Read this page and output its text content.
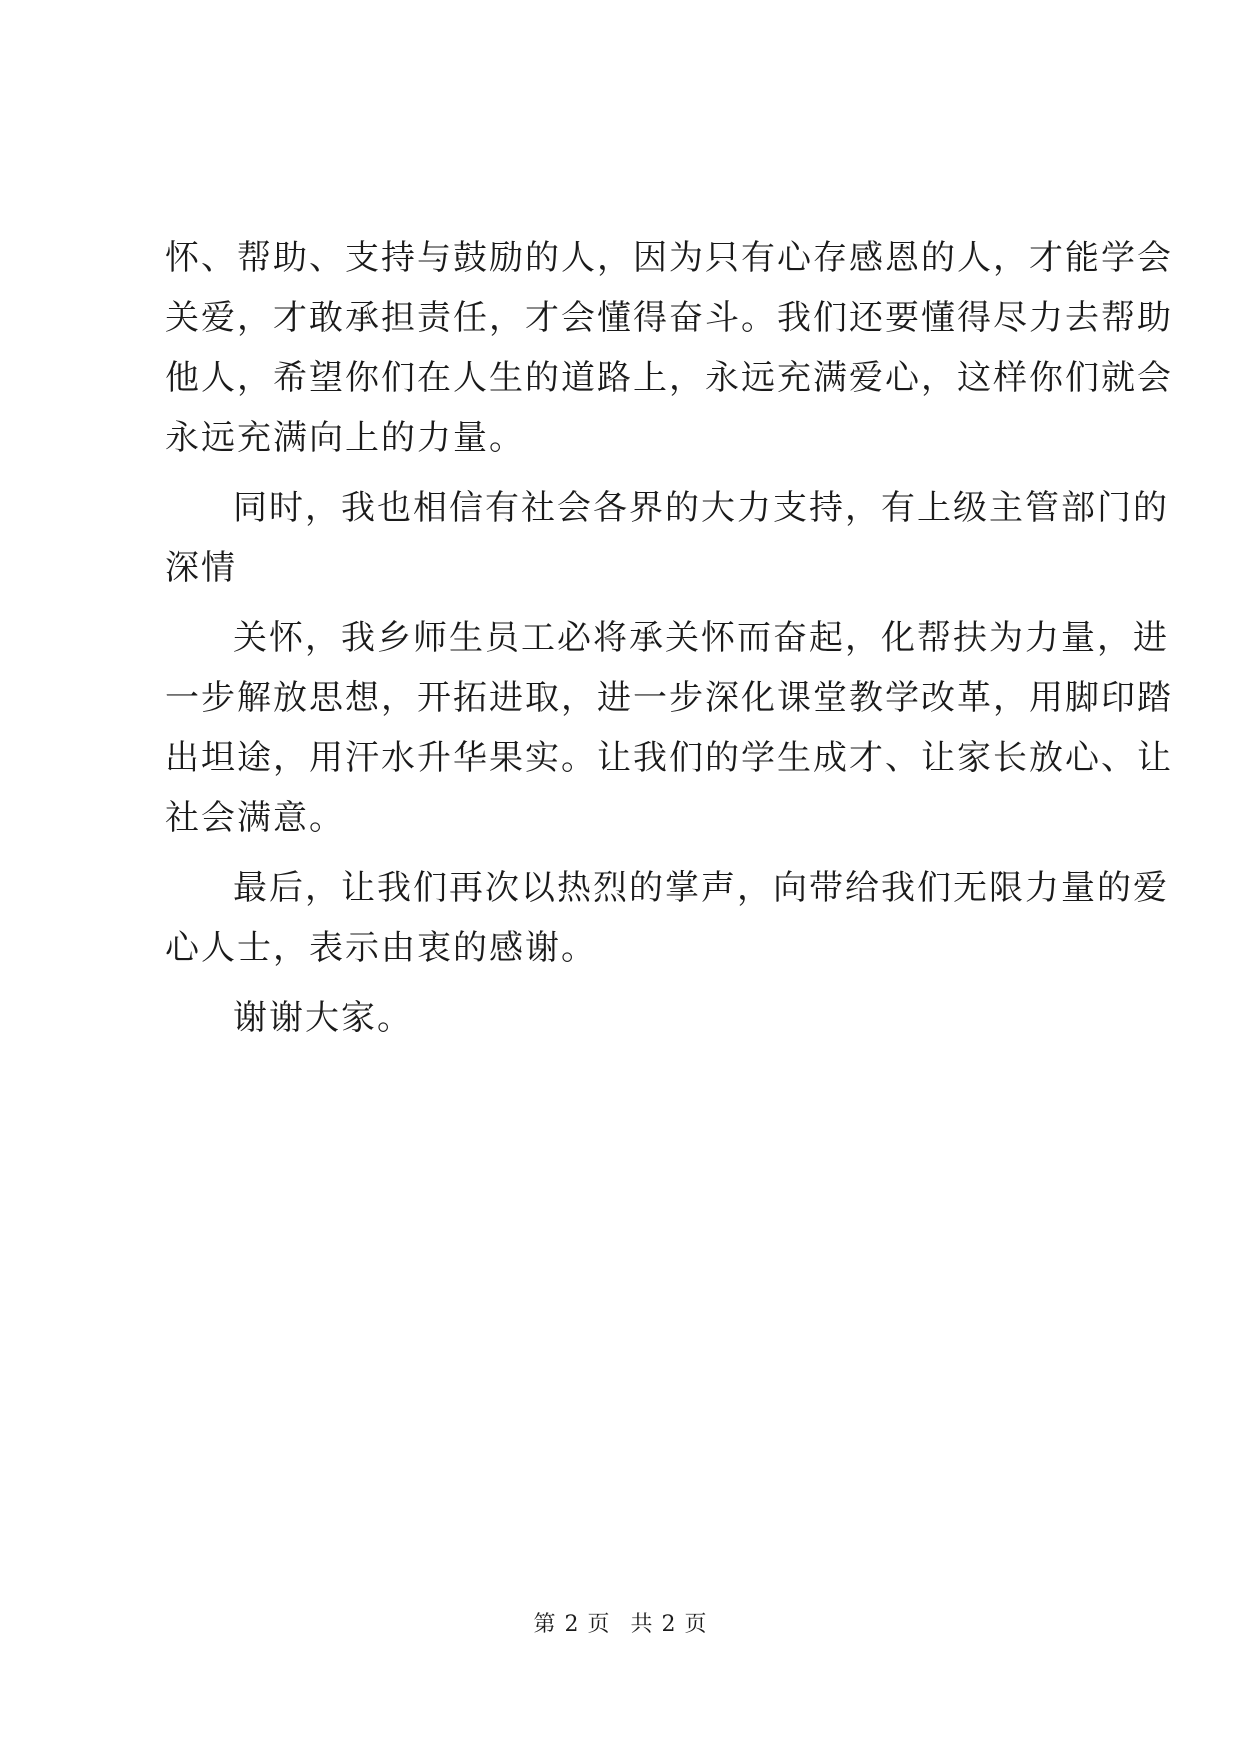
怀、帮助、支持与鼓励的人，因为只有心存感恩的人，才能学会
关爱，才敢承担责任，才会懂得奋斗。我们还要懂得尽力去帮助
他人，希望你们在人生的道路上，永远充满爱心，这样你们就会
永远充满向上的力量。
同时，我也相信有社会各界的大力支持，有上级主管部门的
深情
关怀，我乡师生员工必将承关怀而奋起，化帮扶为力量，进
一步解放思想，开拓进取，进一步深化课堂教学改革，用脚印踏
出坦途，用汗水升华果实。让我们的学生成才、让家长放心、让
社会满意。
最后，让我们再次以热烈的掌声，向带给我们无限力量的爱
心人士，表示由衷的感谢。
谢谢大家。
第 2 页 共 2 页
